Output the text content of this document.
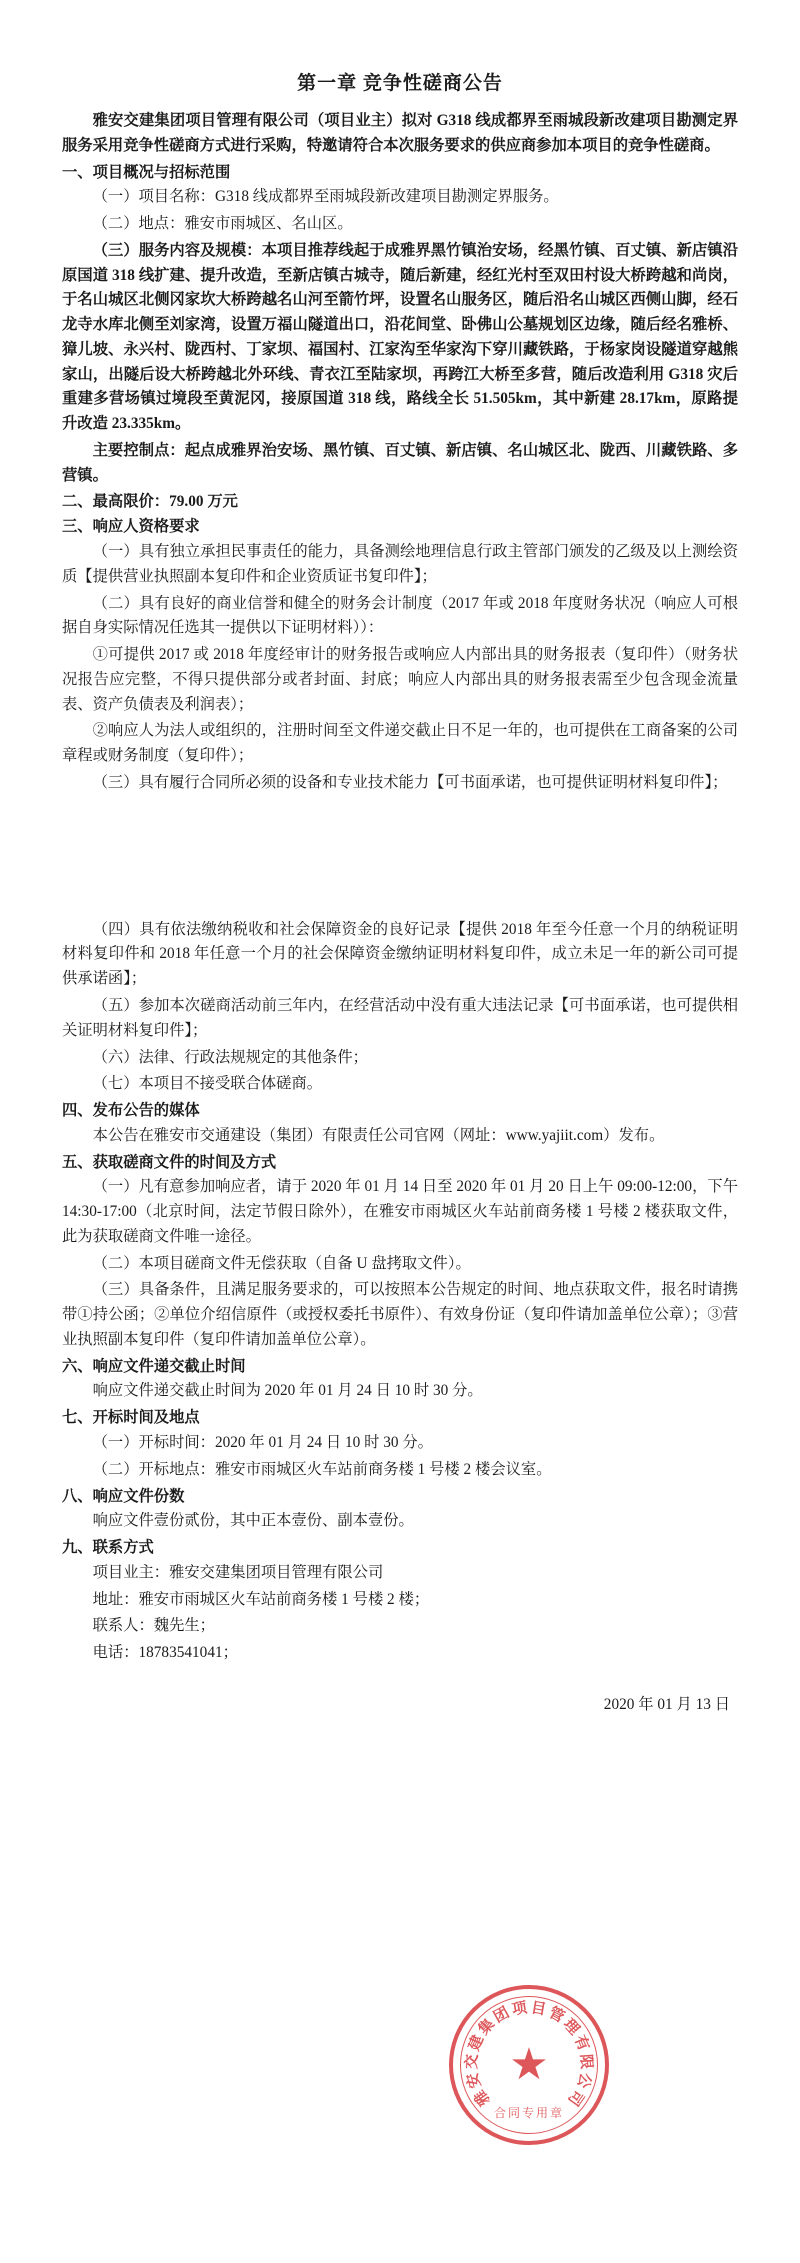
第一章 竞争性磋商公告

雅安交建集团项目管理有限公司（项目业主）拟对 G318 线成都界至雨城段新改建项目勘测定界服务采用竞争性磋商方式进行采购，特邀请符合本次服务要求的供应商参加本项目的竞争性磋商。

一、项目概况与招标范围

（一）项目名称：G318 线成都界至雨城段新改建项目勘测定界服务。

（二）地点：雅安市雨城区、名山区。

（三）服务内容及规模：本项目推荐线起于成雅界黑竹镇治安场，经黑竹镇、百丈镇、新店镇沿原国道 318 线扩建、提升改造，至新店镇古城寺，随后新建，经红光村至双田村设大桥跨越和尚岗，于名山城区北侧冈家坎大桥跨越名山河至箭竹坪，设置名山服务区，随后沿名山城区西侧山脚，经石龙寺水库北侧至刘家湾，设置万福山隧道出口，沿花间堂、卧佛山公墓规划区边缘，随后经名雅桥、獐儿坡、永兴村、陇西村、丁家坝、福国村、江家沟至华家沟下穿川藏铁路，于杨家岗设隧道穿越熊家山，出隧后设大桥跨越北外环线、青衣江至陆家坝，再跨江大桥至多营，随后改造利用 G318 灾后重建多营场镇过境段至黄泥冈，接原国道 318 线，路线全长 51.505km，其中新建 28.17km，原路提升改造 23.335km。

主要控制点：起点成雅界治安场、黑竹镇、百丈镇、新店镇、名山城区北、陇西、川藏铁路、多营镇。

二、最高限价：79.00 万元

三、响应人资格要求

（一）具有独立承担民事责任的能力，具备测绘地理信息行政主管部门颁发的乙级及以上测绘资质【提供营业执照副本复印件和企业资质证书复印件】；

（二）具有良好的商业信誉和健全的财务会计制度（2017 年或 2018 年度财务状况（响应人可根据自身实际情况任选其一提供以下证明材料））：

①可提供 2017 或 2018 年度经审计的财务报告或响应人内部出具的财务报表（复印件）（财务状况报告应完整，不得只提供部分或者封面、封底；响应人内部出具的财务报表需至少包含现金流量表、资产负债表及利润表）；

②响应人为法人或组织的，注册时间至文件递交截止日不足一年的，也可提供在工商备案的公司章程或财务制度（复印件）；

（三）具有履行合同所必须的设备和专业技术能力【可书面承诺，也可提供证明材料复印件】；

（四）具有依法缴纳税收和社会保障资金的良好记录【提供 2018 年至今任意一个月的纳税证明材料复印件和 2018 年任意一个月的社会保障资金缴纳证明材料复印件，成立未足一年的新公司可提供承诺函】；

（五）参加本次磋商活动前三年内，在经营活动中没有重大违法记录【可书面承诺，也可提供相关证明材料复印件】；

（六）法律、行政法规规定的其他条件；

（七）本项目不接受联合体磋商。

四、发布公告的媒体

本公告在雅安市交通建设（集团）有限责任公司官网（网址：www.yajiit.com）发布。

五、获取磋商文件的时间及方式

（一）凡有意参加响应者，请于 2020 年 01 月 14 日至 2020 年 01 月 20 日上午 09:00-12:00，下午 14:30-17:00（北京时间，法定节假日除外），在雅安市雨城区火车站前商务楼 1 号楼 2 楼获取文件，此为获取磋商文件唯一途径。

（二）本项目磋商文件无偿获取（自备 U 盘拷取文件）。

（三）具备条件，且满足服务要求的，可以按照本公告规定的时间、地点获取文件，报名时请携带①持公函；②单位介绍信原件（或授权委托书原件）、有效身份证（复印件请加盖单位公章）；③营业执照副本复印件（复印件请加盖单位公章）。

六、响应文件递交截止时间

响应文件递交截止时间为 2020 年 01 月 24 日 10 时 30 分。

七、开标时间及地点

（一）开标时间：2020 年 01 月 24 日 10 时 30 分。

（二）开标地点：雅安市雨城区火车站前商务楼 1 号楼 2 楼会议室。

八、响应文件份数

响应文件壹份贰份，其中正本壹份、副本壹份。

九、联系方式

项目业主：雅安交建集团项目管理有限公司

地址：雅安市雨城区火车站前商务楼 1 号楼 2 楼；

联系人：魏先生；

电话：18783541041；

2020 年 01 月 13 日
★
雅
安
交
建
集
团
项 目
管
理
有
限
公
司
合同专用章
